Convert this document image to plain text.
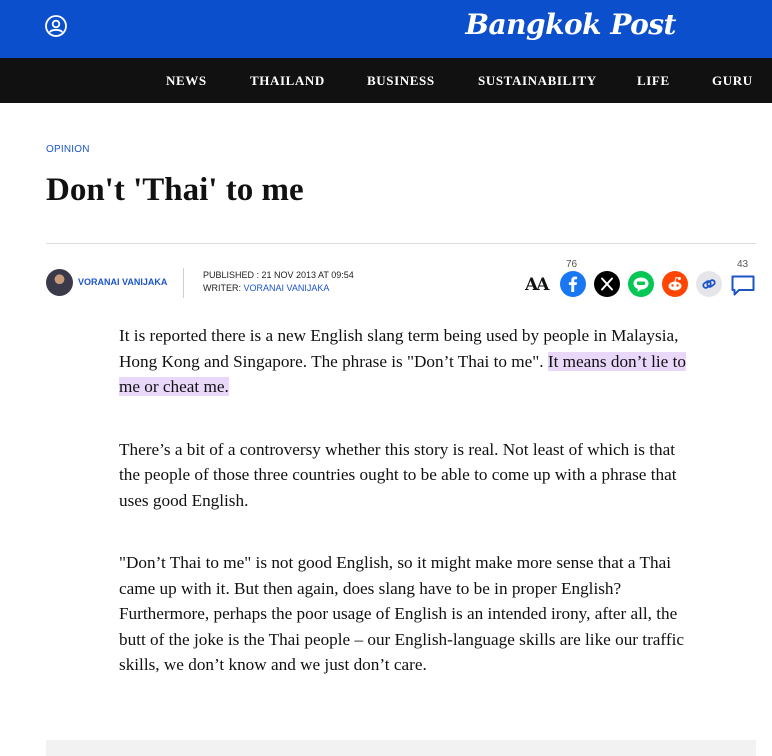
Bangkok Post
NEWS	THAILAND	BUSINESS	SUSTAINABILITY	LIFE	GURU
OPINION
Don't 'Thai' to me
VORANAI VANIJAKA
PUBLISHED : 21 NOV 2013 AT 09:54
WRITER: VORANAI VANIJAKA	AA
76	43

It is reported there is a new English slang term being used by people in Malaysia, Hong Kong and Singapore. The phrase is "Don’t Thai to me". It means don’t lie to me or cheat me.

There’s a bit of a controversy whether this story is real. Not least of which is that the people of those three countries ought to be able to come up with a phrase that uses good English.

"Don’t Thai to me" is not good English, so it might make more sense that a Thai came up with it. But then again, does slang have to be in proper English? Furthermore, perhaps the poor usage of English is an intended irony, after all, the butt of the joke is the Thai people – our English-language skills are like our traffic skills, we don’t know and we just don’t care.
